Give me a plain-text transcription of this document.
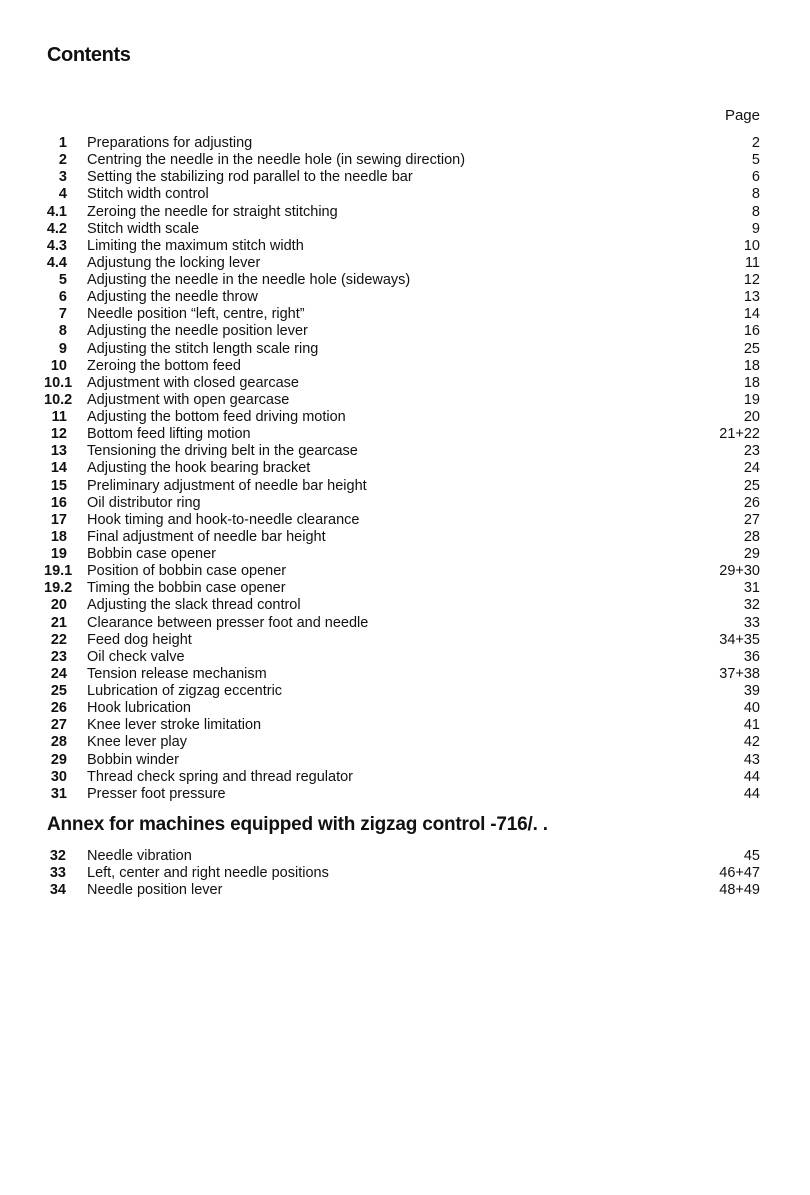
Contents
Page
1 Preparations for adjusting	2
2 Centring the needle in the needle hole (in sewing direction)	5
3 Setting the stabilizing rod parallel to the needle bar	6
4 Stitch width control	8
4.1 Zeroing the needle for straight stitching	8
4.2 Stitch width scale	9
4.3 Limiting the maximum stitch width	10
4.4 Adjustung the locking lever	11
5 Adjusting the needle in the needle hole (sideways)	12
6 Adjusting the needle throw	13
7 Needle position “left, centre, right”	14
8 Adjusting the needle position lever	16
9 Adjusting the stitch length scale ring	25
10 Zeroing the bottom feed	18
10.1 Adjustment with closed gearcase	18
10.2 Adjustment with open gearcase	19
11 Adjusting the bottom feed driving motion	20
12 Bottom feed lifting motion	21+22
13 Tensioning the driving belt in the gearcase	23
14 Adjusting the hook bearing bracket	24
15 Preliminary adjustment of needle bar height	25
16 Oil distributor ring	26
17 Hook timing and hook-to-needle clearance	27
18 Final adjustment of needle bar height	28
19 Bobbin case opener	29
19.1 Position of bobbin case opener	29+30
19.2 Timing the bobbin case opener	31
20 Adjusting the slack thread control	32
21 Clearance between presser foot and needle	33
22 Feed dog height	34+35
23 Oil check valve	36
24 Tension release mechanism	37+38
25 Lubrication of zigzag eccentric	39
26 Hook lubrication	40
27 Knee lever stroke limitation	41
28 Knee lever play	42
29 Bobbin winder	43
30 Thread check spring and thread regulator	44
31 Presser foot pressure	44
Annex for machines equipped with zigzag control -716/. .
32 Needle vibration	45
33 Left, center and right needle positions	46+47
34 Needle position lever	48+49
